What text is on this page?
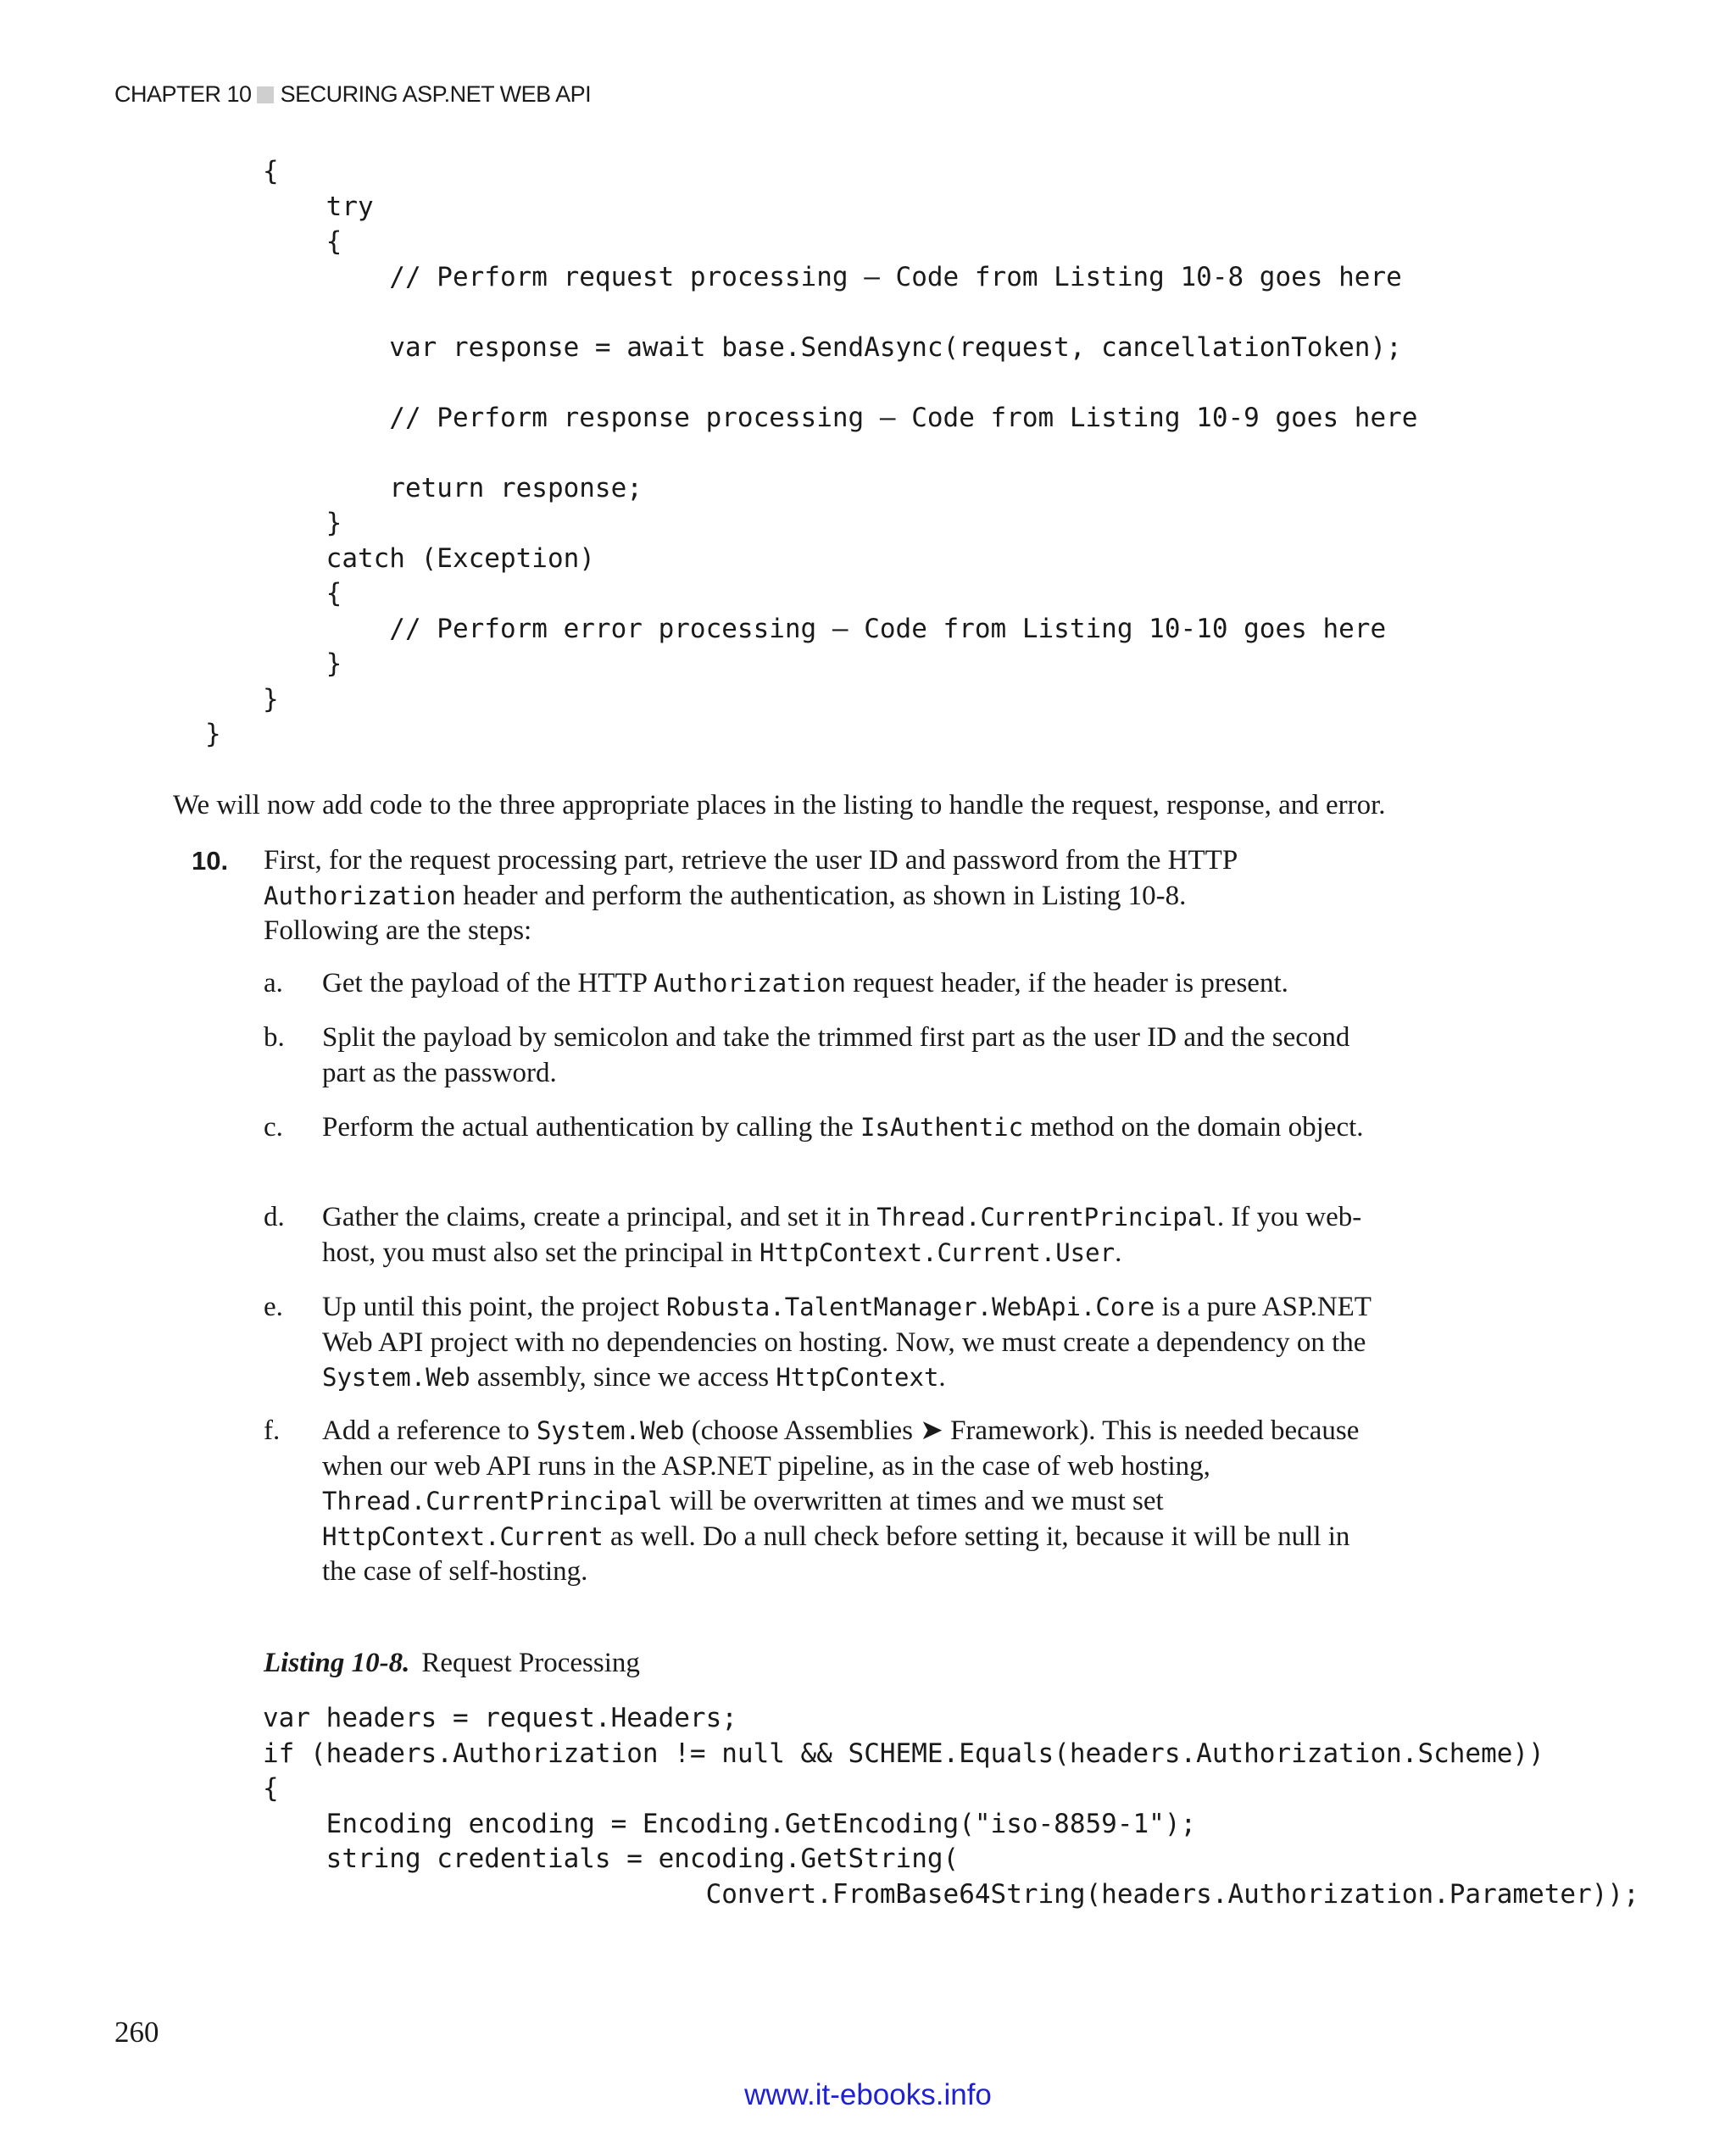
CHAPTER 10 SECURING ASP.NET WEB API
{
try
{
// Perform request processing – Code from Listing 10-8 goes here
var response = await base.SendAsync(request, cancellationToken);
// Perform response processing – Code from Listing 10-9 goes here
return response;
}
catch (Exception)
{
// Perform error processing – Code from Listing 10-10 goes here
}
}
}
We will now add code to the three appropriate places in the listing to handle the request, response, and error.
10. First, for the request processing part, retrieve the user ID and password from the HTTP
Authorization header and perform the authentication, as shown in Listing 10-8.
Following are the steps:
a. Get the payload of the HTTP Authorization request header, if the header is present.
b. Split the payload by semicolon and take the trimmed first part as the user ID and the second part as the password.
c. Perform the actual authentication by calling the IsAuthentic method on the domain object.
d. Gather the claims, create a principal, and set it in Thread.CurrentPrincipal. If you web-host, you must also set the principal in HttpContext.Current.User.
e. Up until this point, the project Robusta.TalentManager.WebApi.Core is a pure ASP.NET Web API project with no dependencies on hosting. Now, we must create a dependency on the System.Web assembly, since we access HttpContext.
f. Add a reference to System.Web (choose Assemblies ➤ Framework). This is needed because when our web API runs in the ASP.NET pipeline, as in the case of web hosting, Thread.CurrentPrincipal will be overwritten at times and we must set HttpContext.Current as well. Do a null check before setting it, because it will be null in the case of self-hosting.
Listing 10-8. Request Processing
var headers = request.Headers;
if (headers.Authorization != null && SCHEME.Equals(headers.Authorization.Scheme))
{
Encoding encoding = Encoding.GetEncoding("iso-8859-1");
string credentials = encoding.GetString(
Convert.FromBase64String(headers.Authorization.Parameter));
260
www.it-ebooks.info
